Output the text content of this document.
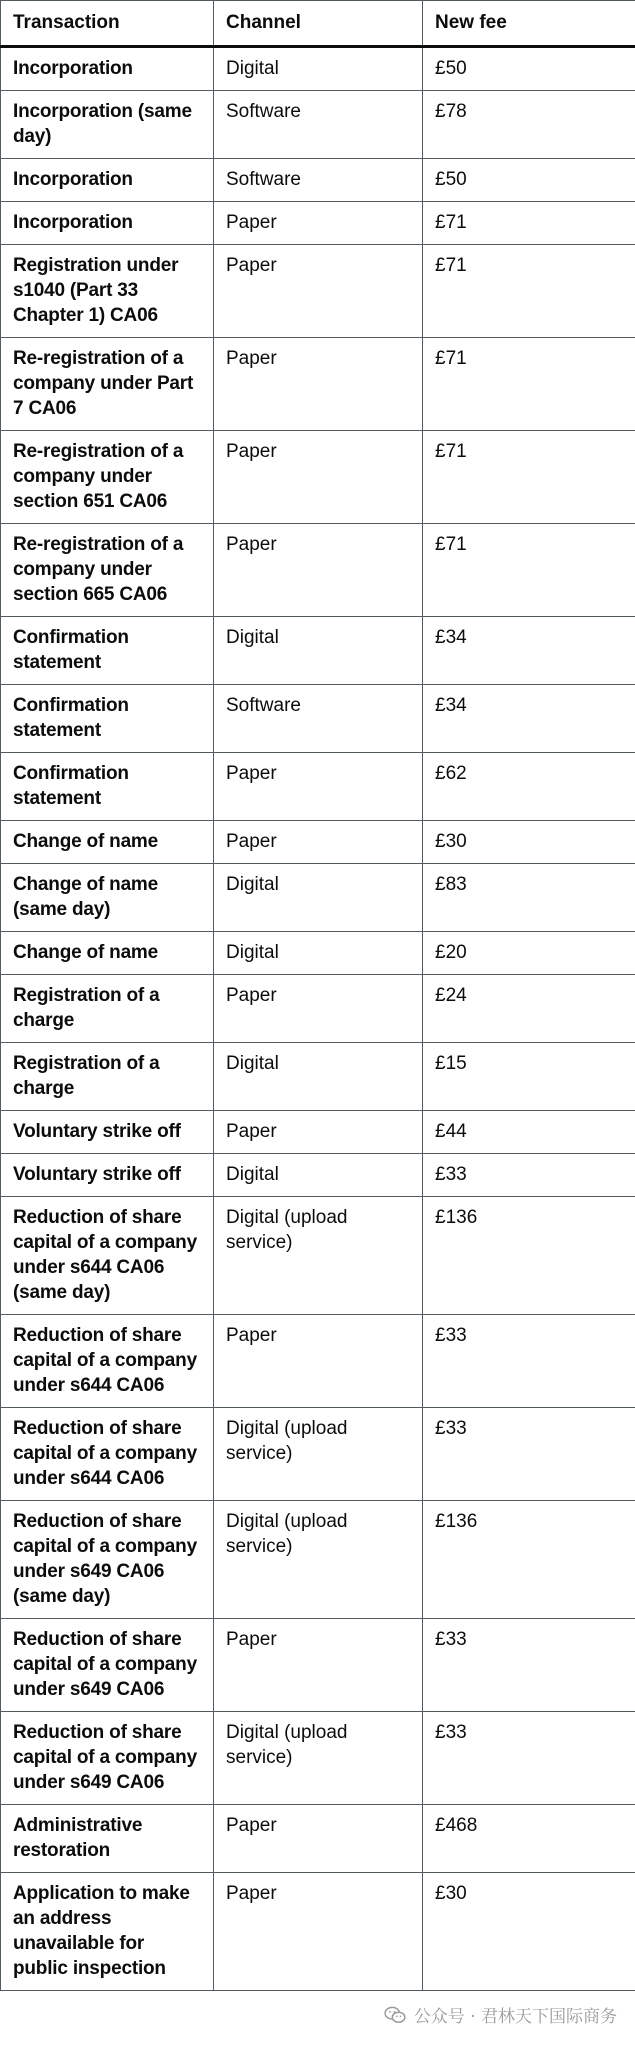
Transaction	Channel	New fee
Incorporation	Digital	£50
Incorporation (same day)	Software	£78
Incorporation	Software	£50
Incorporation	Paper	£71
Registration under s1040 (Part 33 Chapter 1) CA06	Paper	£71
Re-registration of a company under Part 7 CA06	Paper	£71
Re-registration of a company under section 651 CA06	Paper	£71
Re-registration of a company under section 665 CA06	Paper	£71
Confirmation statement	Digital	£34
Confirmation statement	Software	£34
Confirmation statement	Paper	£62
Change of name	Paper	£30
Change of name (same day)	Digital	£83
Change of name	Digital	£20
Registration of a charge	Paper	£24
Registration of a charge	Digital	£15
Voluntary strike off	Paper	£44
Voluntary strike off	Digital	£33
Reduction of share capital of a company under s644 CA06 (same day)	Digital (upload service)	£136
Reduction of share capital of a company under s644 CA06	Paper	£33
Reduction of share capital of a company under s644 CA06	Digital (upload service)	£33
Reduction of share capital of a company under s649 CA06 (same day)	Digital (upload service)	£136
Reduction of share capital of a company under s649 CA06	Paper	£33
Reduction of share capital of a company under s649 CA06	Digital (upload service)	£33
Administrative restoration	Paper	£468
Application to make an address unavailable for public inspection	Paper	£30
公众号 · 君林天下国际商务
